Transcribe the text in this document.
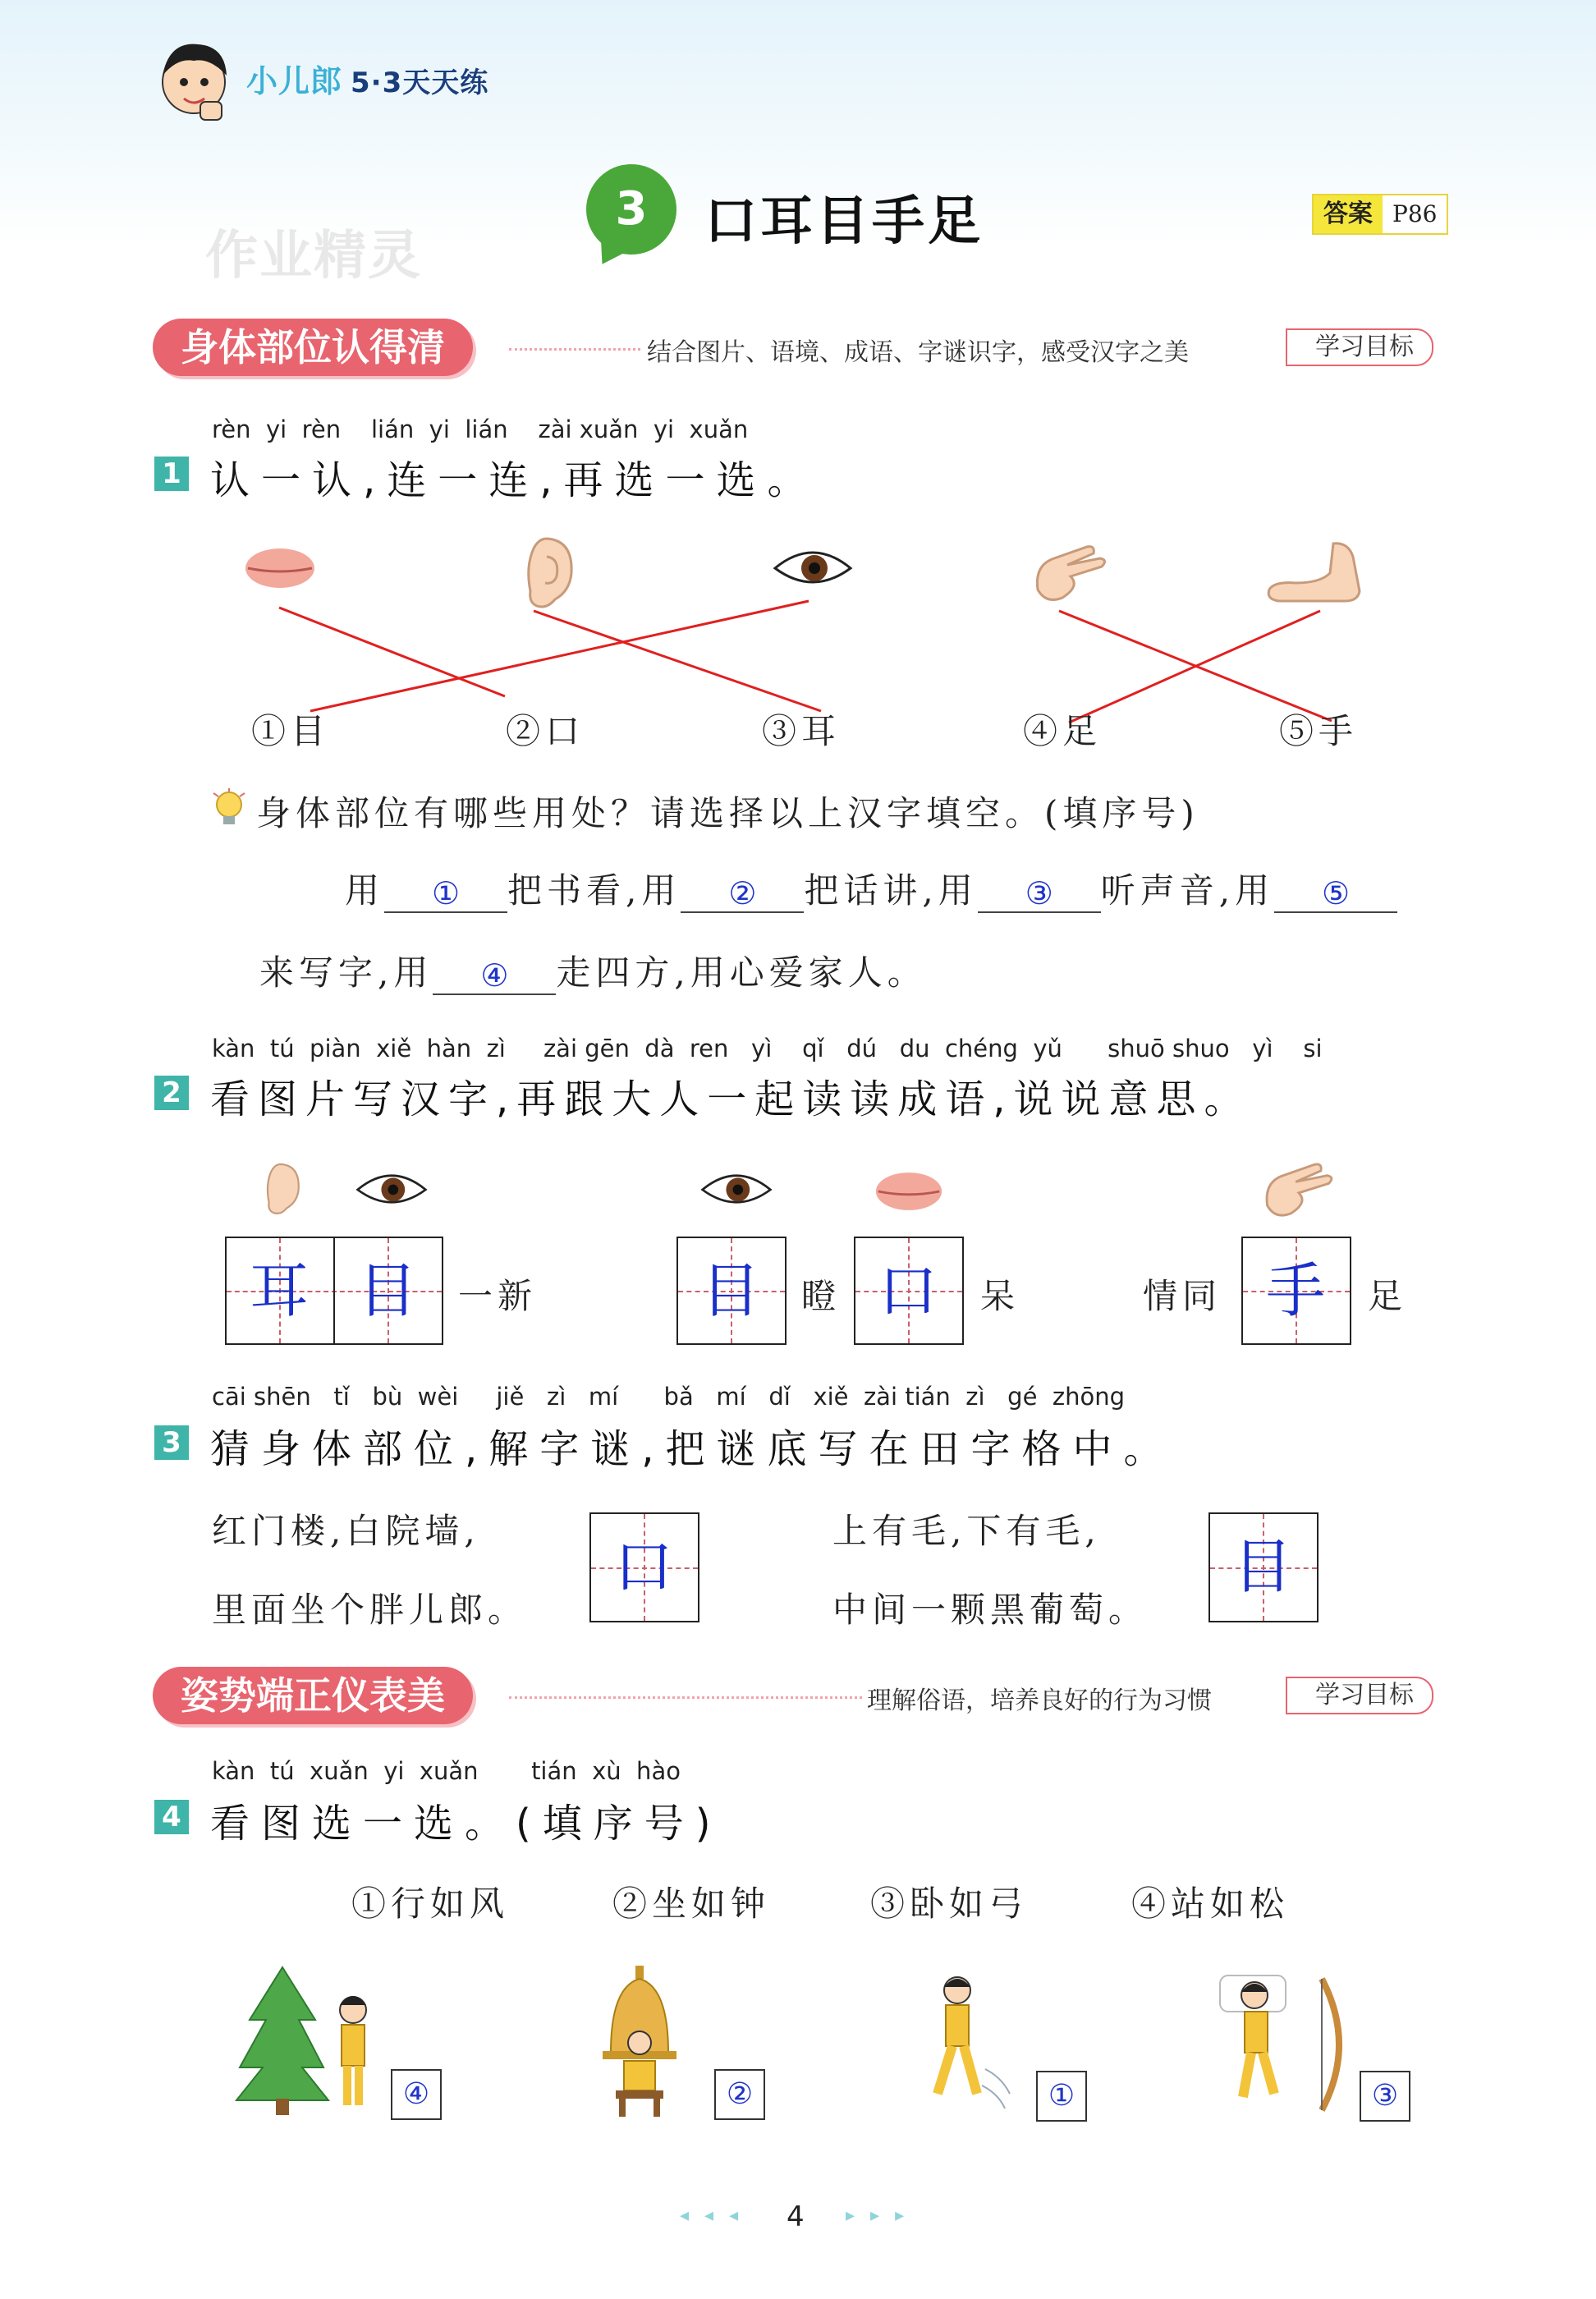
小儿郎 5·3天天练
作业精灵
3	口耳目手足	答案 P86
身体部位认得清	结合图片、语境、成语、字谜识字，感受汉字之美	学习目标
rèn  yi  rèn    lián  yi  lián    zài xuǎn  yi  xuǎn
1 认一认,连一连,再选一选。
①目	②口	③耳	④足	⑤手
身体部位有哪些用处？请选择以上汉字填空。(填序号)
用	①	把书看,用	②	把话讲,用	③	听声音,用	⑤
来写字,用	④	走四方,用心爱家人。
kàn  tú  piàn  xiě  hàn  zì     zài gēn  dà  ren   yì    qǐ   dú   du  chéng  yǔ      shuō shuo   yì    si
2 看图片写汉字,再跟大人一起读读成语,说说意思。
耳 目	一新	目	瞪 口	呆	情同 手	足
cāi shēn   tǐ   bù  wèi     jiě   zì   mí      bǎ   mí   dǐ   xiě  zài tián  zì   gé  zhōng
3 猜身体部位,解字谜,把谜底写在田字格中。
红门楼,白院墙,
里面坐个胖儿郎。
口
上有毛,下有毛,
中间一颗黑葡萄。
目
姿势端正仪表美	理解俗语，培养良好的行为习惯	学习目标
kàn  tú  xuǎn  yi  xuǎn       tián  xù  hào
4 看图选一选。(填序号)
①行如风	②坐如钟	③卧如弓	④站如松
④	②	①	③
◂ ◂ ◂ 4 ▸ ▸ ▸
